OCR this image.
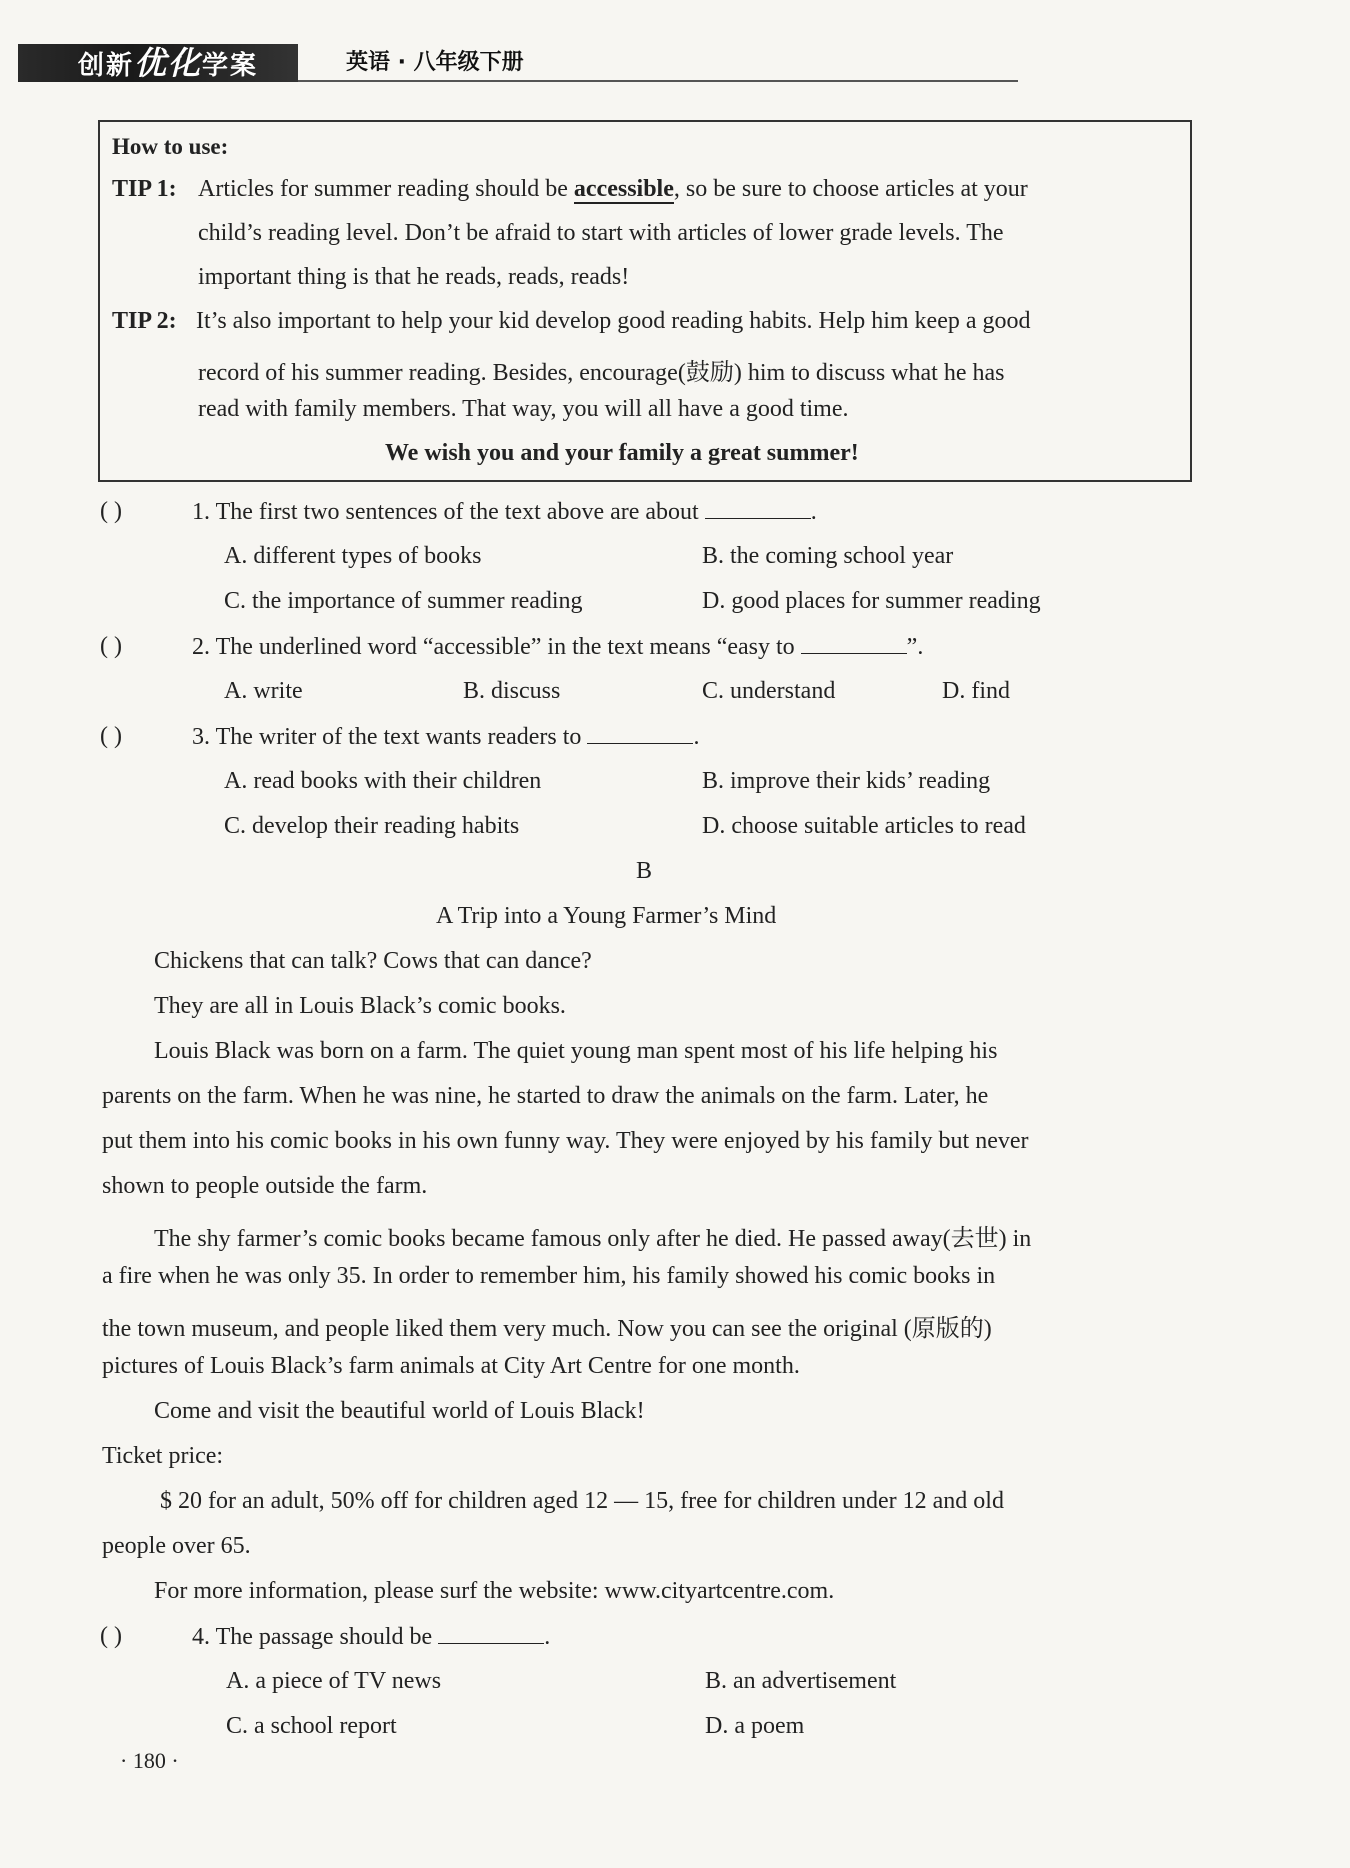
创新优化学案	英语 · 八年级下册
How to use:
TIP 1: Articles for summer reading should be accessible, so be sure to choose articles at your
child’s reading level. Don’t be afraid to start with articles of lower grade levels. The
important thing is that he reads, reads, reads!
TIP 2: It’s also important to help your kid develop good reading habits. Help him keep a good
record of his summer reading. Besides, encourage(鼓励) him to discuss what he has
read with family members. That way, you will all have a good time.
We wish you and your family a great summer!
( )	1. The first two sentences of the text above are about	.
A. different types of books	B. the coming school year
C. the importance of summer reading	D. good places for summer reading
( )	2. The underlined word “accessible” in the text means “easy to	”.
A. write	B. discuss	C. understand	D. find
( )	3. The writer of the text wants readers to	.
A. read books with their children	B. improve their kids’ reading
C. develop their reading habits	D. choose suitable articles to read
B
A Trip into a Young Farmer’s Mind
Chickens that can talk? Cows that can dance?
They are all in Louis Black’s comic books.
Louis Black was born on a farm. The quiet young man spent most of his life helping his
parents on the farm. When he was nine, he started to draw the animals on the farm. Later, he
put them into his comic books in his own funny way. They were enjoyed by his family but never
shown to people outside the farm.
The shy farmer’s comic books became famous only after he died. He passed away(去世) in
a fire when he was only 35. In order to remember him, his family showed his comic books in
the town museum, and people liked them very much. Now you can see the original (原版的)
pictures of Louis Black’s farm animals at City Art Centre for one month.
Come and visit the beautiful world of Louis Black!
Ticket price:
$ 20 for an adult, 50% off for children aged 12 — 15, free for children under 12 and old
people over 65.
For more information, please surf the website: www.cityartcentre.com.
( )	4. The passage should be	.
A. a piece of TV news	B. an advertisement
C. a school report	D. a poem
· 180 ·
